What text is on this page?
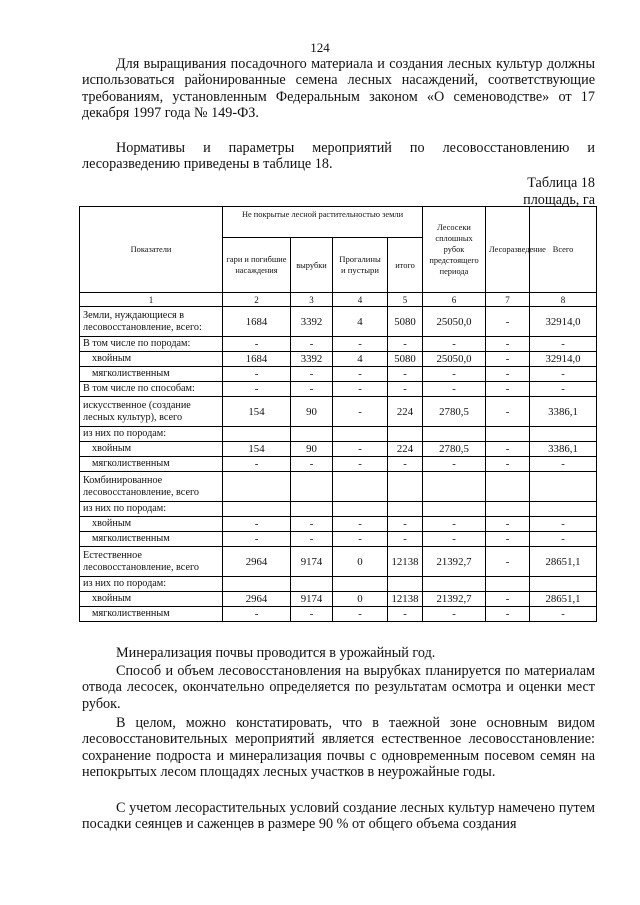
124

Для выращивания посадочного материала и создания лесных культур должны использоваться районированные семена лесных насаждений, соответствующие требованиям, установленным Федеральным законом «О семеноводстве» от 17 декабря 1997 года № 149-ФЗ.

Нормативы и параметры мероприятий по лесовосстановлению и лесоразведению приведены в таблице 18.

Таблица 18
площадь, га
Показатели	Не покрытые лесной растительностью земли				Лесосеки сплошных рубок предстоящего периода	Лесоразведение	Всего
	гари и погибшие насаждения	вырубки	Прогалины и пустыри	итого			
1	2	3	4	5	6	7	8
Земли, нуждающиеся в лесовосстановление, всего:	1684	3392	4	5080	25050,0	-	32914,0
В том числе по породам:	-	-	-	-	-	-	-
хвойным	1684	3392	4	5080	25050,0	-	32914,0
мягколиственным	-	-	-	-	-	-	-
В том числе по способам:	-	-	-	-	-	-	-
искусственное (создание лесных культур), всего	154	90	-	224	2780,5	-	3386,1
из них по породам:							
хвойным	154	90	-	224	2780,5	-	3386,1
мягколиственным	-	-	-	-	-	-	-
Комбинированное лесовосстановление, всего							
из них по породам:							
хвойным	-	-	-	-	-	-	-
мягколиственным	-	-	-	-	-	-	-
Естественное лесовосстановление, всего	2964	9174	0	12138	21392,7	-	28651,1
из них по породам:							
хвойным	2964	9174	0	12138	21392,7	-	28651,1
мягколиственным	-	-	-	-	-	-	-

Минерализация почвы проводится в урожайный год.

Способ и объем лесовосстановления на вырубках планируется по материалам отвода лесосек, окончательно определяется по результатам осмотра и оценки мест рубок.

В целом, можно констатировать, что в таежной зоне основным видом лесовосстановительных мероприятий является естественное лесовосстановление: сохранение подроста и минерализация почвы с одновременным посевом семян на непокрытых лесом площадях лесных участков в неурожайные годы.

С учетом лесорастительных условий создание лесных культур намечено путем посадки сеянцев и саженцев в размере 90 % от общего объема создания
